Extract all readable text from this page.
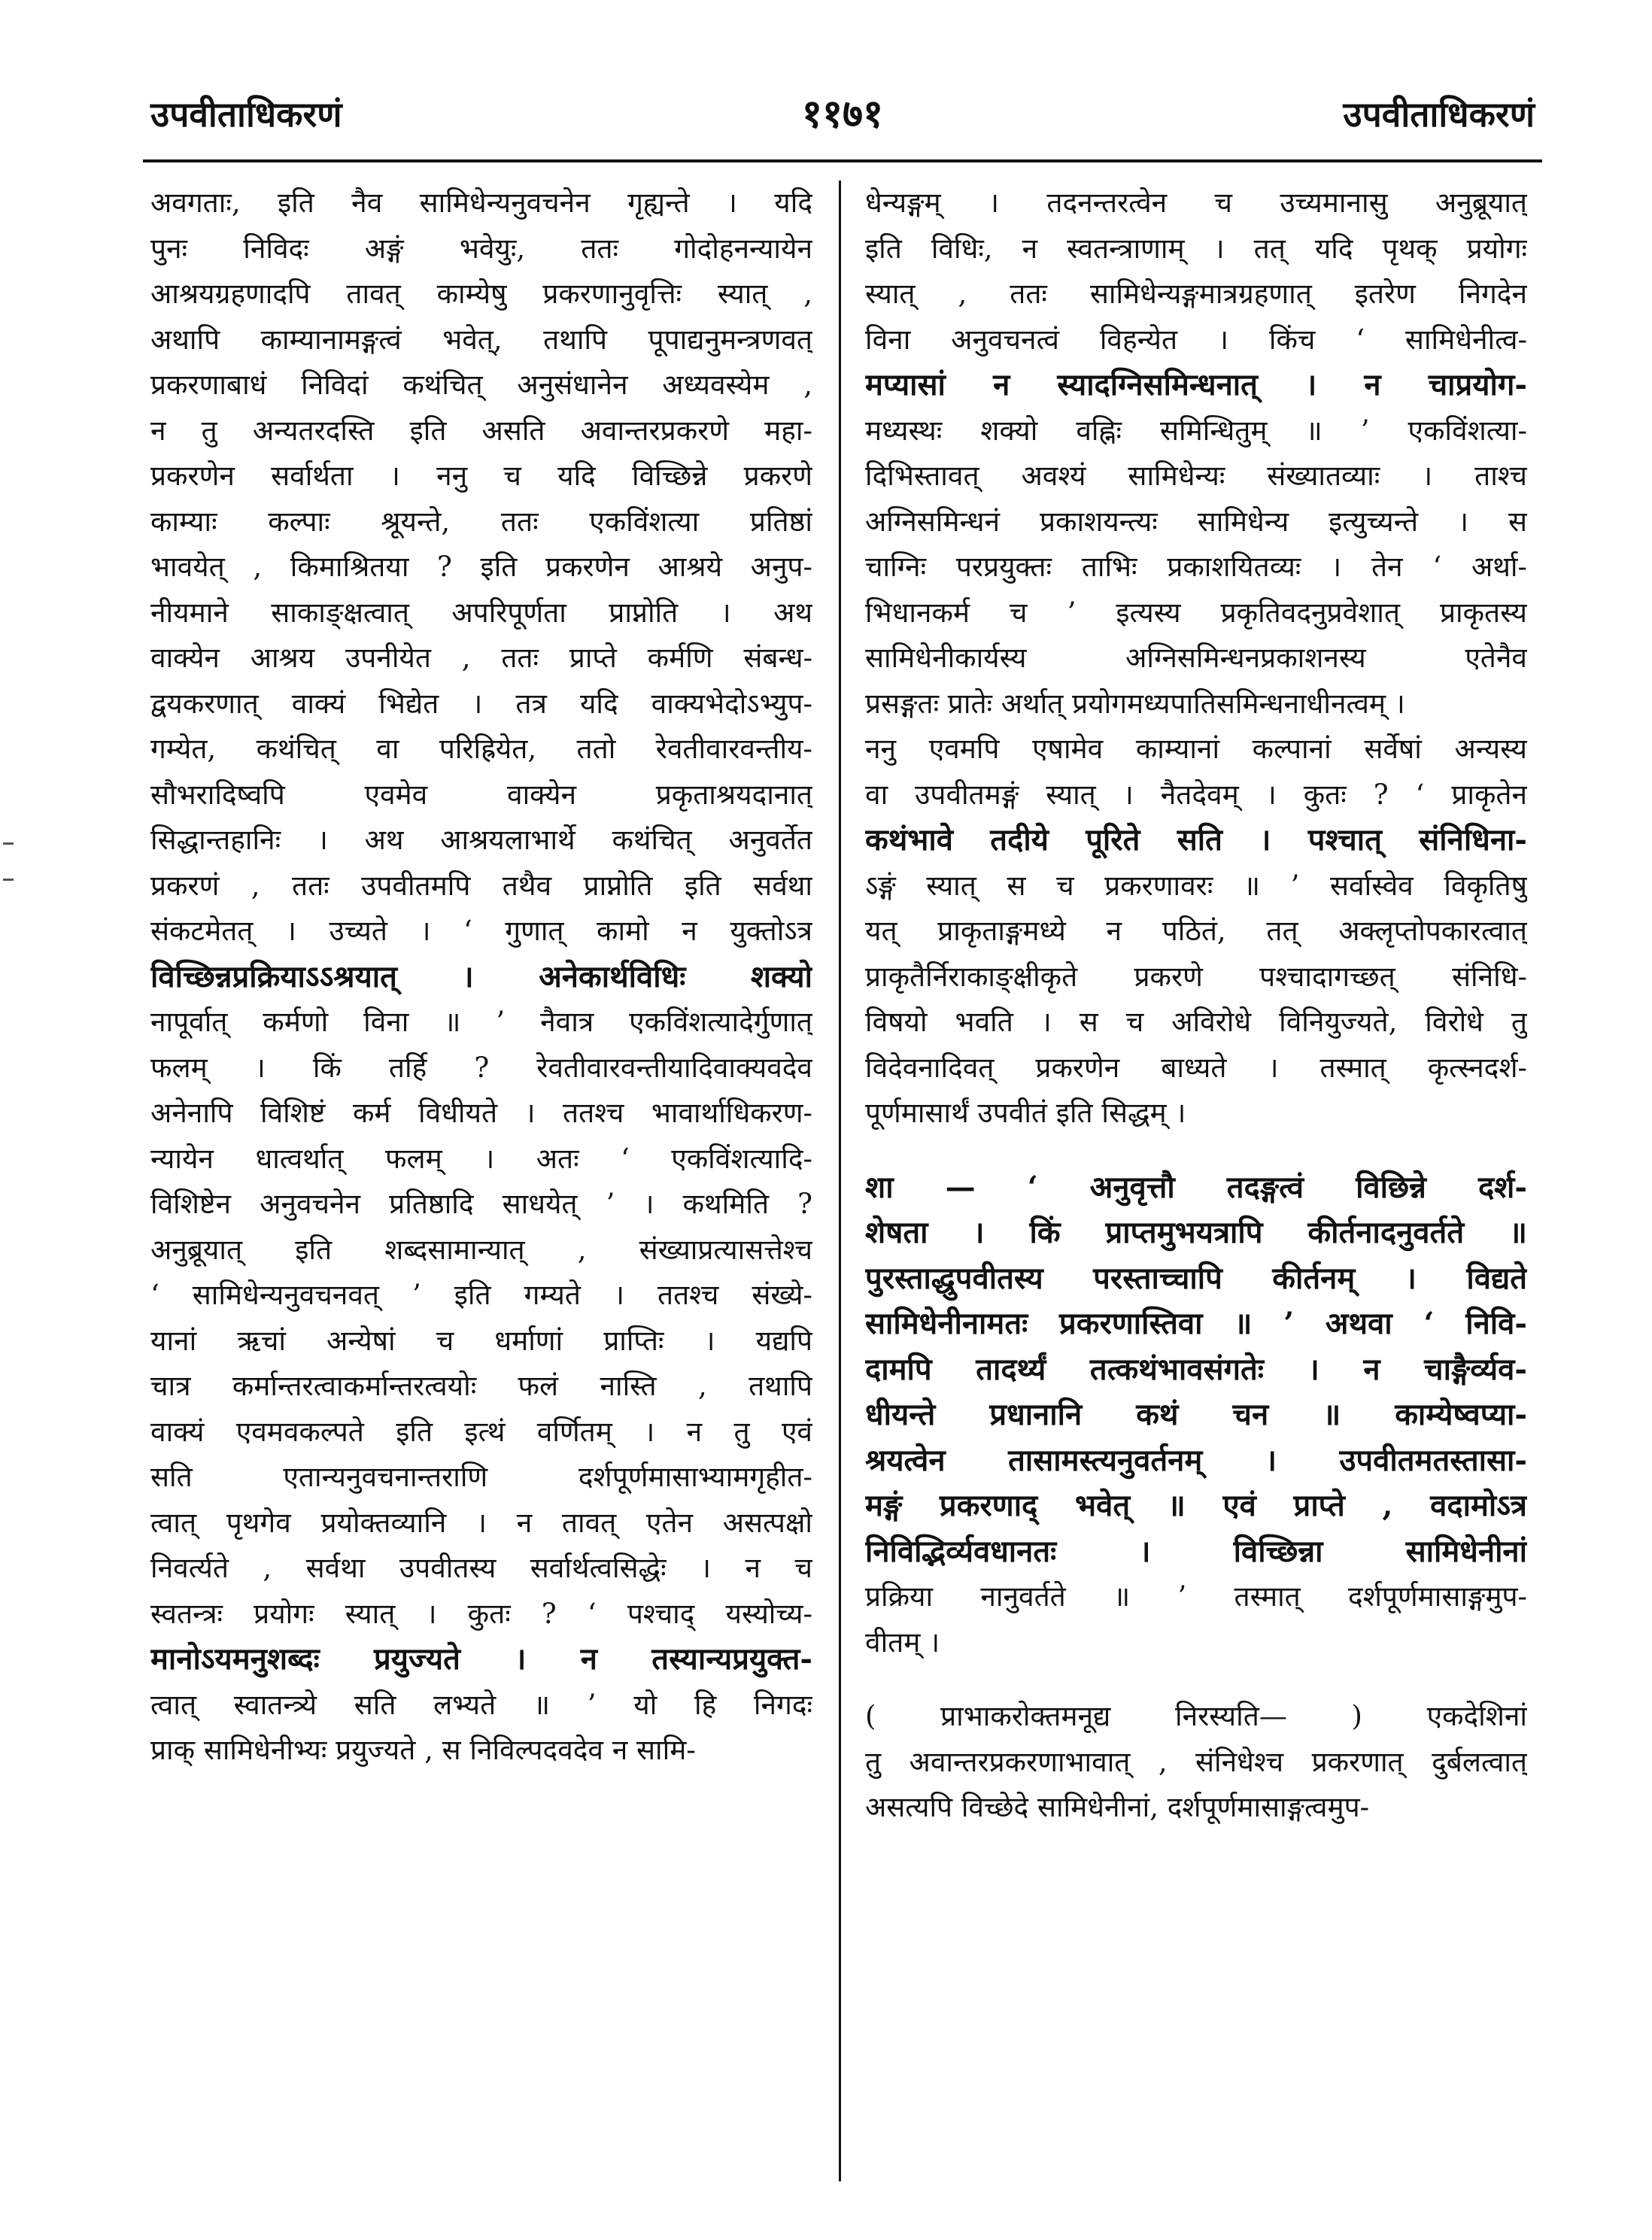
उपवीताधिकरणं	११७१	उपवीताधिकरणं
अवगताः, इति नैव सामिधेन्यनुवचनेन गृह्यन्ते । यदि
पुनः निविदः अङ्गं भवेयुः, ततः गोदोहनन्यायेन
आश्रयग्रहणादपि तावत् काम्येषु प्रकरणानुवृत्तिः स्यात् ,
अथापि काम्यानामङ्गत्वं भवेत्, तथापि पूपाद्यनुमन्त्रणवत्
प्रकरणाबाधं निविदां कथंचित् अनुसंधानेन अध्यवस्येम ,
न तु अन्यतरदस्ति इति असति अवान्तरप्रकरणे महा-
प्रकरणेन सर्वार्थता । ननु च यदि विच्छिन्ने प्रकरणे
काम्याः कल्पाः श्रूयन्ते, ततः एकविंशत्या प्रतिष्ठां
भावयेत् , किमाश्रितया ? इति प्रकरणेन आश्रये अनुप-
नीयमाने साकाङ्क्षत्वात् अपरिपूर्णता प्राप्नोति । अथ
वाक्येन आश्रय उपनीयेत , ततः प्राप्ते कर्मणि संबन्ध-
द्वयकरणात् वाक्यं भिद्येत । तत्र यदि वाक्यभेदोऽभ्युप-
गम्येत, कथंचित् वा परिह्रियेत, ततो रेवतीवारवन्तीय-
सौभरादिष्वपि एवमेव वाक्येन प्रकृताश्रयदानात्
सिद्धान्तहानिः । अथ आश्रयलाभार्थे कथंचित् अनुवर्तेत
प्रकरणं , ततः उपवीतमपि तथैव प्राप्नोति इति सर्वथा
संकटमेतत् । उच्यते । ‘ गुणात् कामो न युक्तोऽत्र
विच्छिन्नप्रक्रियाऽऽश्रयात् । अनेकार्थविधिः शक्यो
नापूर्वात् कर्मणो विना ॥ ’ नैवात्र एकविंशत्यादेर्गुणात्
फलम् । किं तर्हि ? रेवतीवारवन्तीयादिवाक्यवदेव
अनेनापि विशिष्टं कर्म विधीयते । ततश्च भावार्थाधिकरण-
न्यायेन धात्वर्थात् फलम् । अतः ‘ एकविंशत्यादि-
विशिष्टेन अनुवचनेन प्रतिष्ठादि साधयेत् ’ । कथमिति ?
अनुब्रूयात् इति शब्दसामान्यात् , संख्याप्रत्यासत्तेश्च
‘ सामिधेन्यनुवचनवत् ’ इति गम्यते । ततश्च संख्ये-
यानां ऋचां अन्येषां च धर्माणां प्राप्तिः । यद्यपि
चात्र कर्मान्तरत्वाकर्मान्तरत्वयोः फलं नास्ति , तथापि
वाक्यं एवमवकल्पते इति इत्थं वर्णितम् । न तु एवं
सति एतान्यनुवचनान्तराणि दर्शपूर्णमासाभ्यामगृहीत-
त्वात् पृथगेव प्रयोक्तव्यानि । न तावत् एतेन असत्पक्षो
निवर्त्यते , सर्वथा उपवीतस्य सर्वार्थत्वसिद्धेः । न च
स्वतन्त्रः प्रयोगः स्यात् । कुतः ? ‘ पश्चाद् यस्योच्य-
मानोऽयमनुशब्दः प्रयुज्यते । न तस्यान्यप्रयुक्त-
त्वात् स्वातन्त्र्ये सति लभ्यते ॥ ’ यो हि निगदः
प्राक् सामिधेनीभ्यः प्रयुज्यते , स निविल्पदवदेव न सामि-
धेन्यङ्गम् । तदनन्तरत्वेन च उच्यमानासु अनुब्रूयात्
इति विधिः, न स्वतन्त्राणाम् । तत् यदि पृथक् प्रयोगः
स्यात् , ततः सामिधेन्यङ्गमात्रग्रहणात् इतरेण निगदेन
विना अनुवचनत्वं विहन्येत । किंच ‘ सामिधेनीत्व-
मप्यासां न स्यादग्निसमिन्धनात् । न चाप्रयोग-
मध्यस्थः शक्यो वह्निः समिन्धितुम् ॥ ’ एकविंशत्या-
दिभिस्तावत् अवश्यं सामिधेन्यः संख्यातव्याः । ताश्च
अग्निसमिन्धनं प्रकाशयन्त्यः सामिधेन्य इत्युच्यन्ते । स
चाग्निः परप्रयुक्तः ताभिः प्रकाशयितव्यः । तेन ‘ अर्था-
भिधानकर्म च ’ इत्यस्य प्रकृतिवदनुप्रवेशात् प्राकृतस्य
सामिधेनीकार्यस्य अग्निसमिन्धनप्रकाशनस्य एतेनैव
प्रसङ्गतः प्रातेः अर्थात् प्रयोगमध्यपातिसमिन्धनाधीनत्वम् ।
ननु एवमपि एषामेव काम्यानां कल्पानां सर्वेषां अन्यस्य
वा उपवीतमङ्गं स्यात् । नैतदेवम् । कुतः ? ‘ प्राकृतेन
कथंभावे तदीये पूरिते सति । पश्चात् संनिधिना-
ऽङ्गं स्यात् स च प्रकरणावरः ॥ ’ सर्वास्वेव विकृतिषु
यत् प्राकृताङ्गमध्ये न पठितं, तत् अक्लृप्तोपकारत्वात्
प्राकृतैर्निराकाङ्क्षीकृते प्रकरणे पश्चादागच्छत् संनिधि-
विषयो भवति । स च अविरोधे विनियुज्यते, विरोधे तु
विदेवनादिवत् प्रकरणेन बाध्यते । तस्मात् कृत्स्नदर्श-
पूर्णमासार्थं उपवीतं इति सिद्धम् ।
शा — ‘ अनुवृत्तौ तदङ्गत्वं विछिन्ने दर्श-
शेषता । किं प्राप्तमुभयत्रापि कीर्तनादनुवर्तते ॥
पुरस्ताद्धुपवीतस्य परस्ताच्चापि कीर्तनम् । विद्यते
सामिधेनीनामतः प्रकरणास्तिवा ॥ ’ अथवा ‘ निवि-
दामपि तादर्थ्यं तत्कथंभावसंगतेः । न चाङ्गैर्व्यव-
धीयन्ते प्रधानानि कथं चन ॥ काम्येष्वप्या-
श्रयत्वेन तासामस्त्यनुवर्तनम् । उपवीतमतस्तासा-
मङ्गं प्रकरणाद् भवेत् ॥ एवं प्राप्ते , वदामोऽत्र
निविद्भिर्व्यवधानतः । विच्छिन्ना सामिधेनीनां
प्रक्रिया नानुवर्तते ॥ ’ तस्मात् दर्शपूर्णमासाङ्गमुप-
वीतम् ।
( प्राभाकरोक्तमनूद्य निरस्यति— ) एकदेशिनां
तु अवान्तरप्रकरणाभावात् , संनिधेश्च प्रकरणात् दुर्बलत्वात्
असत्यपि विच्छेदे सामिधेनीनां, दर्शपूर्णमासाङ्गत्वमुप-
